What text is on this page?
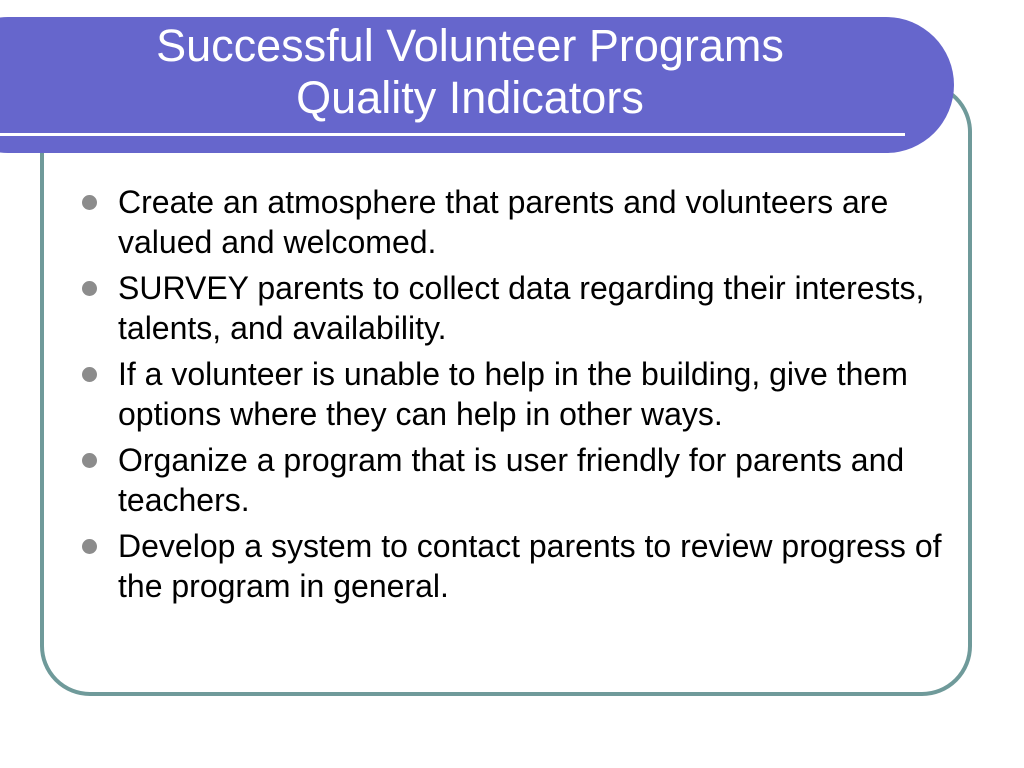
Successful Volunteer Programs
Quality Indicators
Create an atmosphere that parents and volunteers are valued and welcomed.
SURVEY parents to collect data regarding their interests, talents, and availability.
If a volunteer is unable to help in the building, give them options where they can help in other ways.
Organize a program that is user friendly for parents and teachers.
Develop a system to contact parents to review progress of the program in general.
